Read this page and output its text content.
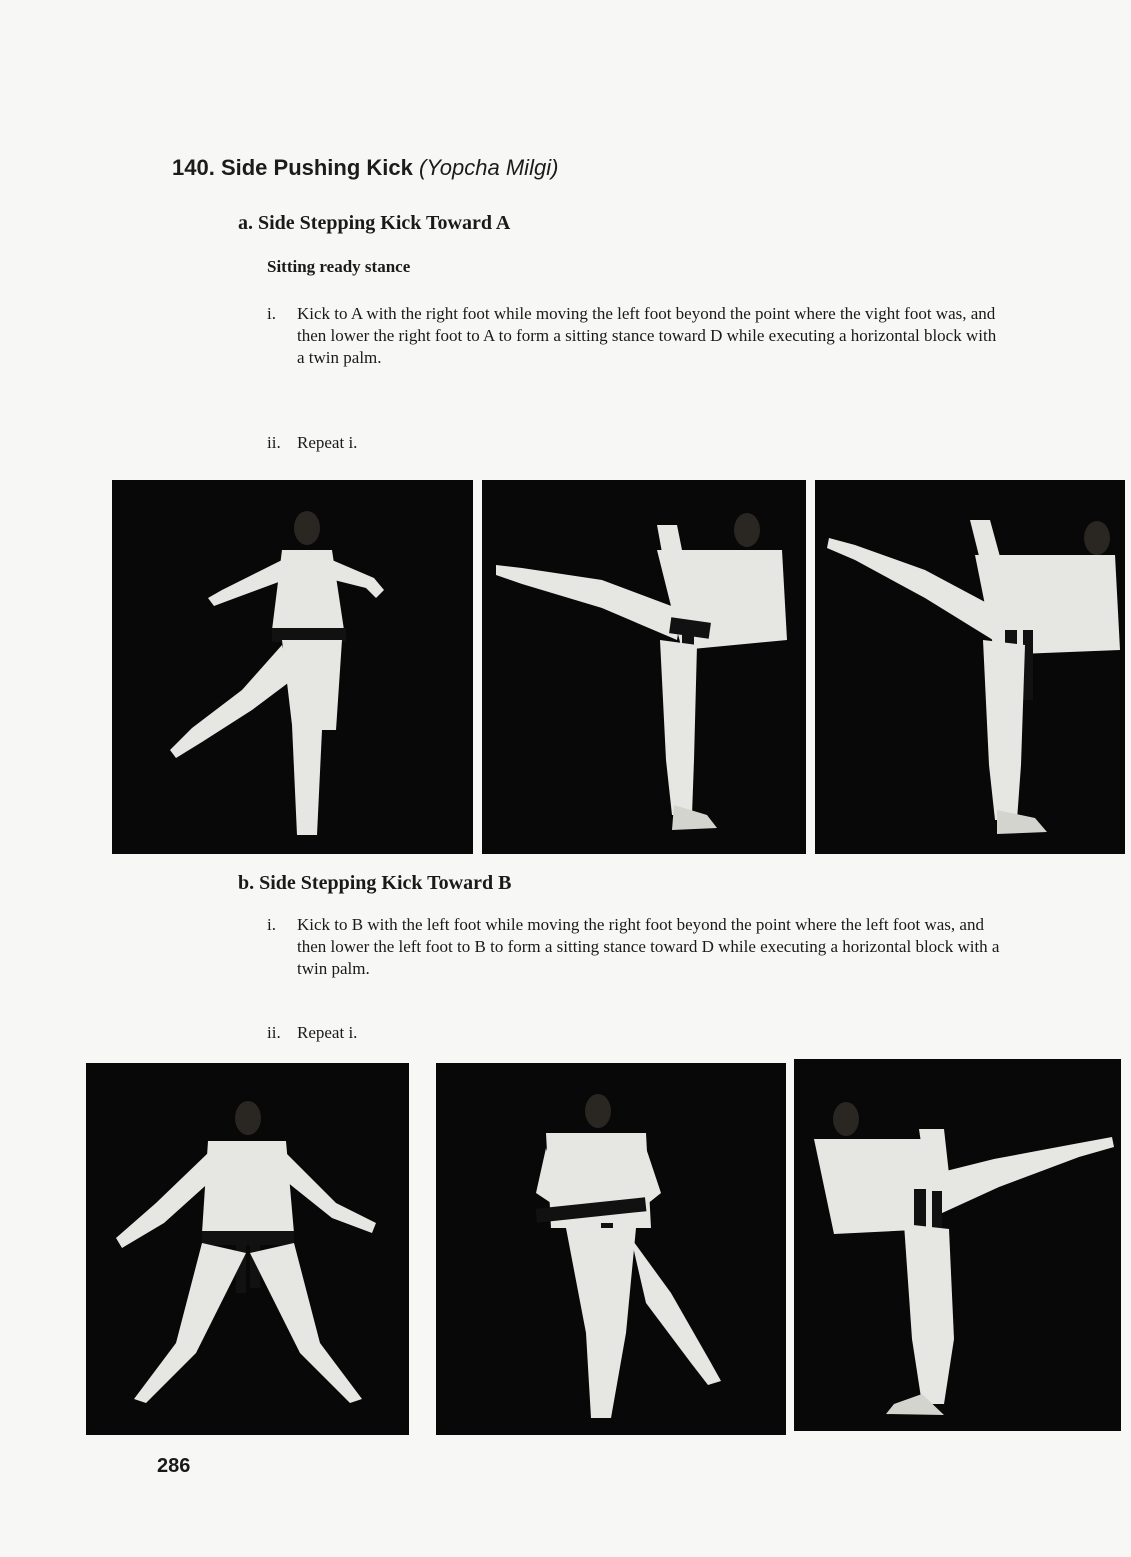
140. Side Pushing Kick (Yopcha Milgi)
a. Side Stepping Kick Toward A
Sitting ready stance
i.	Kick to A with the right foot while moving the left foot beyond the point where the vight foot was, and then lower the right foot to A to form a sitting stance toward D while executing a horizontal block with a twin palm.
ii. Repeat i.
b. Side Stepping Kick Toward B
i.	Kick to B with the left foot while moving the right foot beyond the point where the left foot was, and then lower the left foot to B to form a sitting stance toward D while executing a horizontal block with a twin palm.
ii. Repeat i.
286
